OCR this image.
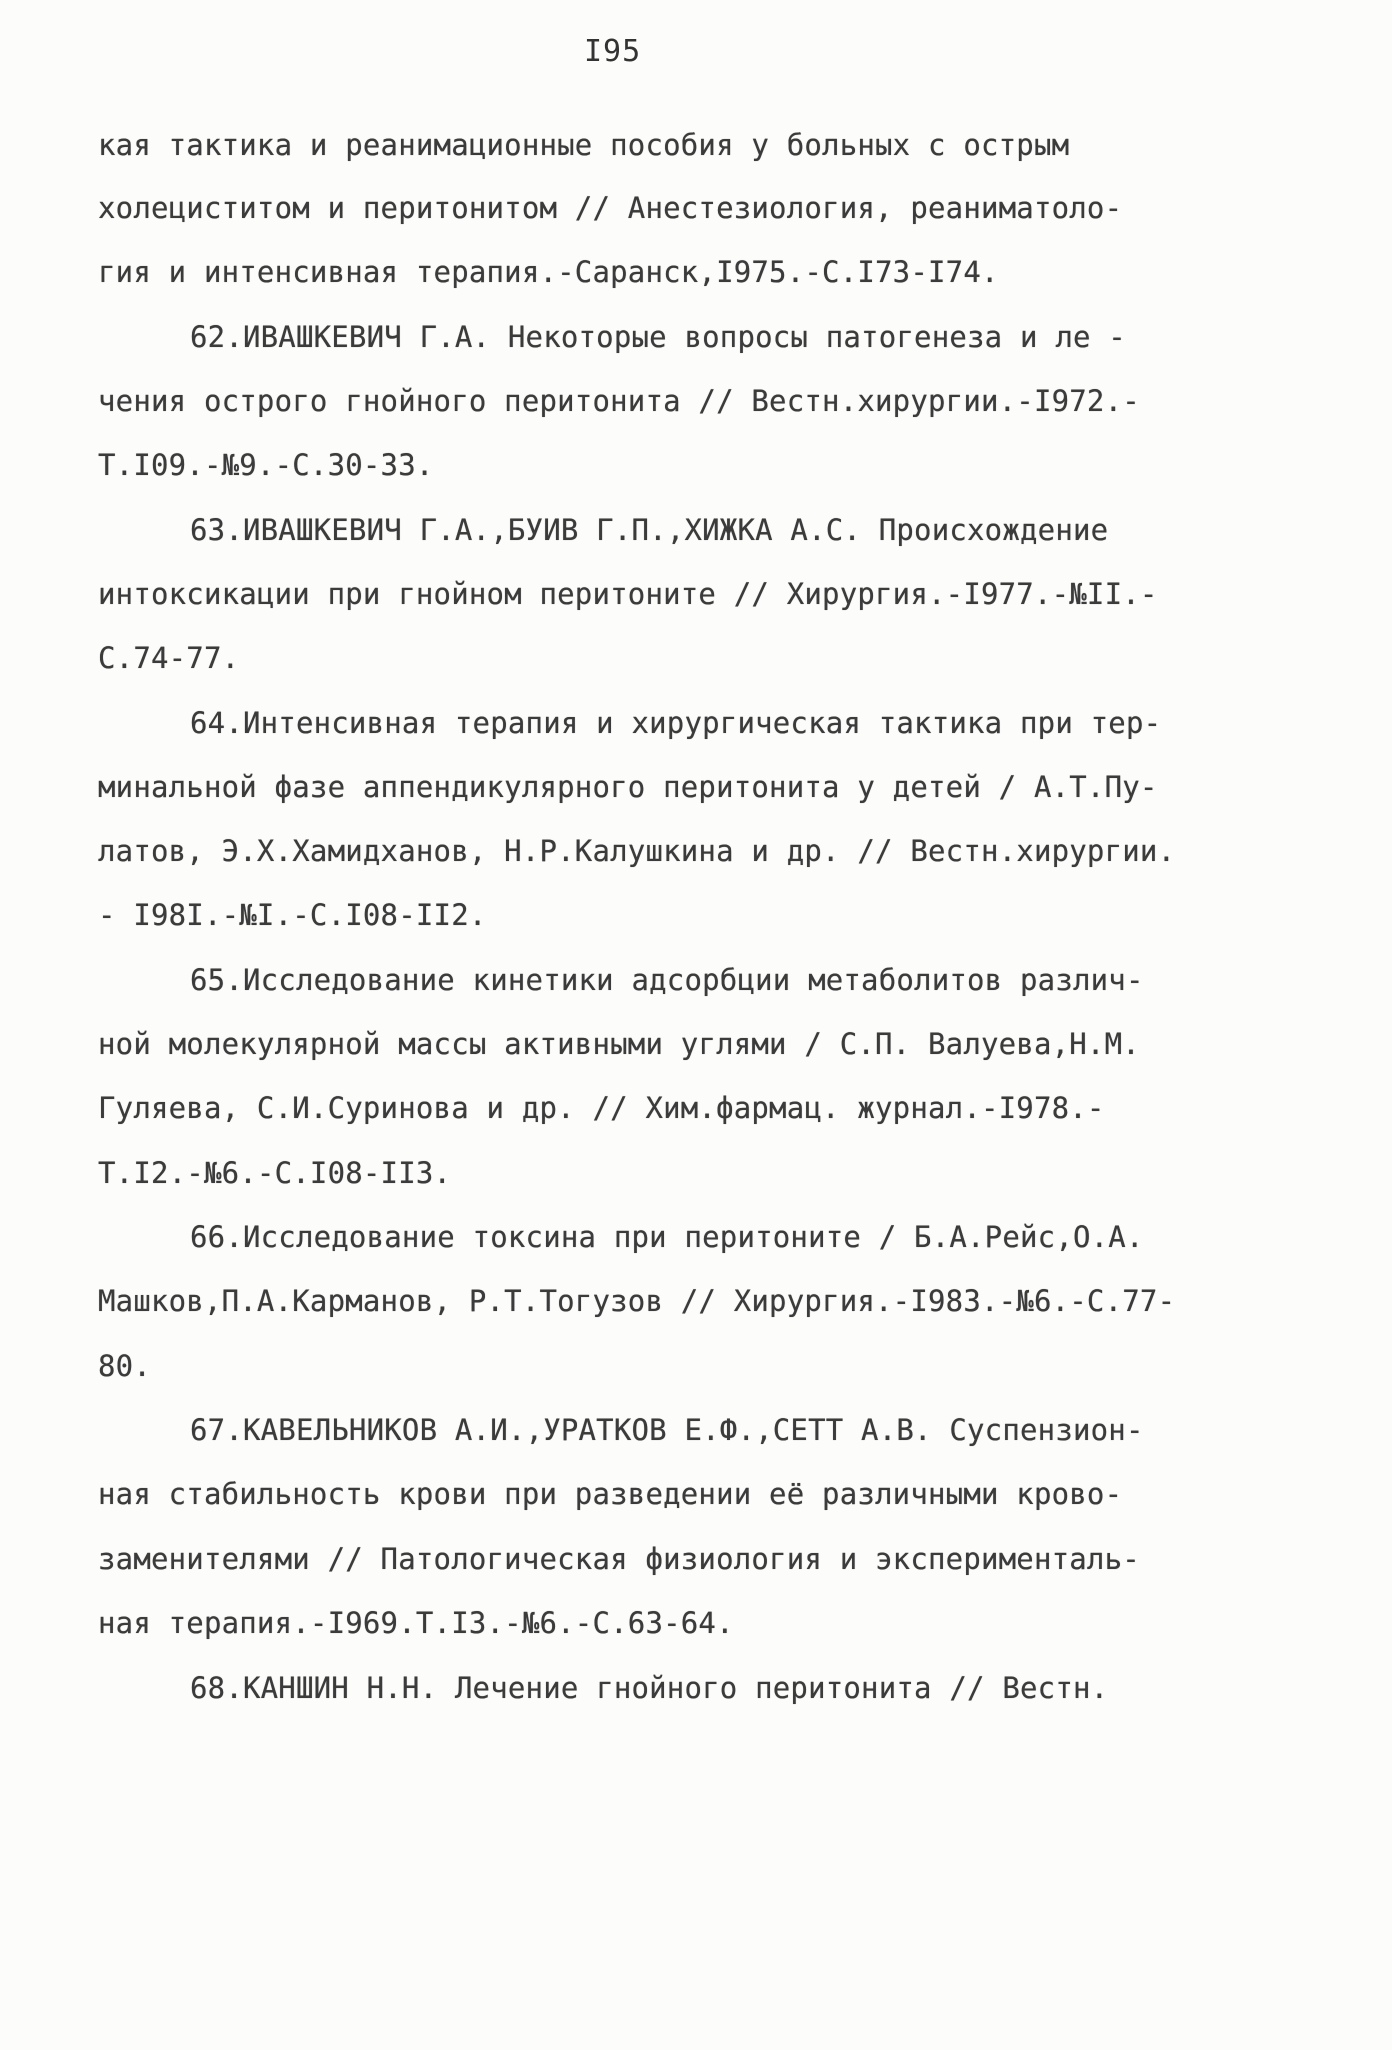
I95
кая тактика и реанимационные пособия у больных с острым
холециститом и перитонитом // Анестезиология, реаниматоло-
гия и интенсивная терапия.-Саранск,I975.-С.I73-I74.
62.ИВАШКЕВИЧ Г.А. Некоторые вопросы патогенеза и ле -
чения острого гнойного перитонита // Вестн.хирургии.-I972.-
Т.I09.-№9.-С.30-33.
63.ИВАШКЕВИЧ Г.А.,БУИВ Г.П.,ХИЖКА А.С. Происхождение
интоксикации при гнойном перитоните // Хирургия.-I977.-№II.-
С.74-77.
64.Интенсивная терапия и хирургическая тактика при тер-
минальной фазе аппендикулярного перитонита у детей / А.Т.Пу-
латов, Э.Х.Хамидханов, Н.Р.Калушкина и др. // Вестн.хирургии.
- I98I.-№I.-С.I08-II2.
65.Исследование кинетики адсорбции метаболитов различ-
ной молекулярной массы активными углями / С.П. Валуева,Н.М.
Гуляева, С.И.Суринова и др. // Хим.фармац. журнал.-I978.-
Т.I2.-№6.-С.I08-II3.
66.Исследование токсина при перитоните / Б.А.Рейс,О.А.
Машков,П.А.Карманов, Р.Т.Тогузов // Хирургия.-I983.-№6.-С.77-
80.
67.КАВЕЛЬНИКОВ А.И.,УРАТКОВ Е.Ф.,СЕТТ А.В. Суспензион-
ная стабильность крови при разведении её различными крово-
заменителями // Патологическая физиология и эксперименталь-
ная терапия.-I969.Т.I3.-№6.-С.63-64.
68.КАНШИН Н.Н. Лечение гнойного перитонита // Вестн.
